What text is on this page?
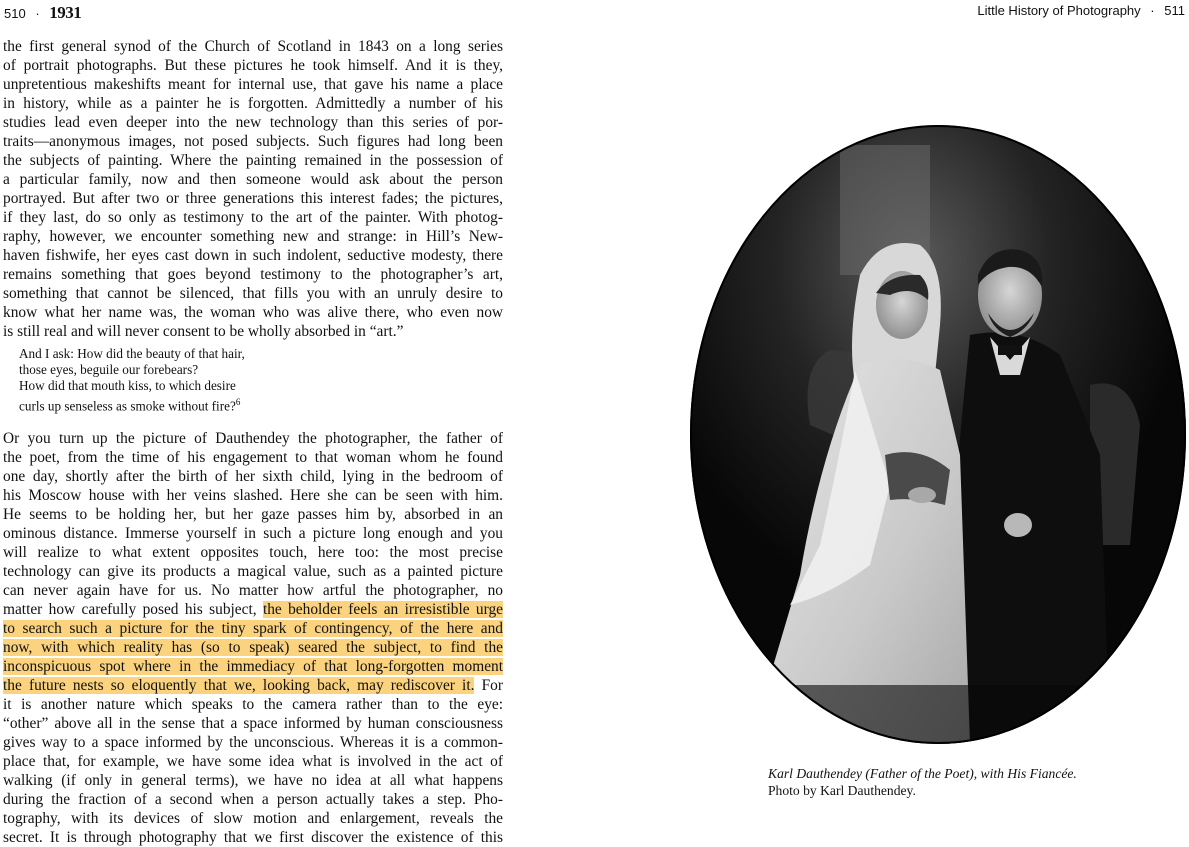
510 · 1931
the first general synod of the Church of Scotland in 1843 on a long series
of portrait photographs. But these pictures he took himself. And it is they,
unpretentious makeshifts meant for internal use, that gave his name a place
in history, while as a painter he is forgotten. Admittedly a number of his
studies lead even deeper into the new technology than this series of por-
traits—anonymous images, not posed subjects. Such figures had long been
the subjects of painting. Where the painting remained in the possession of
a particular family, now and then someone would ask about the person
portrayed. But after two or three generations this interest fades; the pictures,
if they last, do so only as testimony to the art of the painter. With photog-
raphy, however, we encounter something new and strange: in Hill’s New-
haven fishwife, her eyes cast down in such indolent, seductive modesty, there
remains something that goes beyond testimony to the photographer’s art,
something that cannot be silenced, that fills you with an unruly desire to
know what her name was, the woman who was alive there, who even now
is still real and will never consent to be wholly absorbed in “art.”
And I ask: How did the beauty of that hair,
those eyes, beguile our forebears?
How did that mouth kiss, to which desire
curls up senseless as smoke without fire?$^6$
Or you turn up the picture of Dauthendey the photographer, the father of
the poet, from the time of his engagement to that woman whom he found
one day, shortly after the birth of her sixth child, lying in the bedroom of
his Moscow house with her veins slashed. Here she can be seen with him.
He seems to be holding her, but her gaze passes him by, absorbed in an
ominous distance. Immerse yourself in such a picture long enough and you
will realize to what extent opposites touch, here too: the most precise
technology can give its products a magical value, such as a painted picture
can never again have for us. No matter how artful the photographer, no
matter how carefully posed his subject, the beholder feels an irresistible urge
to search such a picture for the tiny spark of contingency, of the here and
now, with which reality has (so to speak) seared the subject, to find the
inconspicuous spot where in the immediacy of that long-forgotten moment
the future nests so eloquently that we, looking back, may rediscover it. For
it is another nature which speaks to the camera rather than to the eye:
“other” above all in the sense that a space informed by human consciousness
gives way to a space informed by the unconscious. Whereas it is a common-
place that, for example, we have some idea what is involved in the act of
walking (if only in general terms), we have no idea at all what happens
during the fraction of a second when a person actually takes a step. Pho-
tography, with its devices of slow motion and enlargement, reveals the
secret. It is through photography that we first discover the existence of this
Little History of Photography · 511
Karl Dauthendey (Father of the Poet), with His Fiancée.
Photo by Karl Dauthendey.
